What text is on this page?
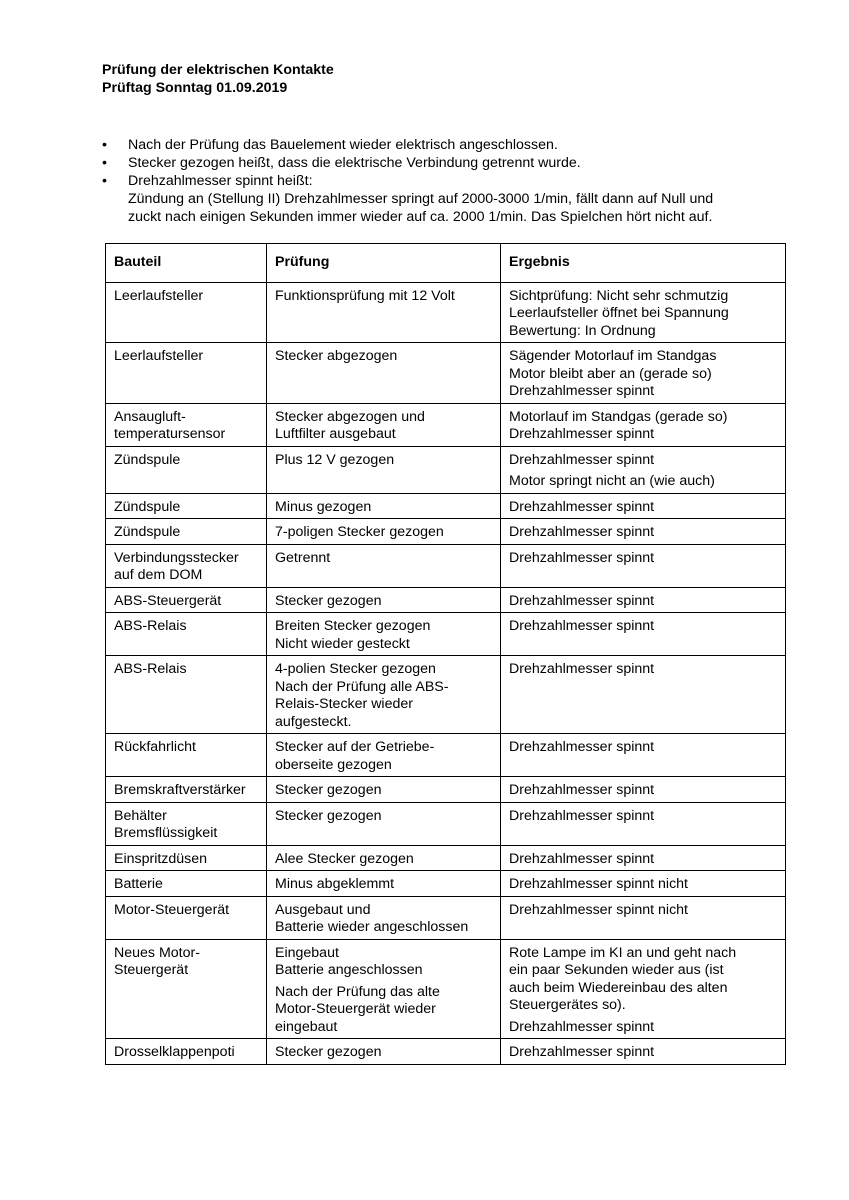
Prüfung der elektrischen Kontakte
Prüftag Sonntag 01.09.2019
•	Nach der Prüfung das Bauelement wieder elektrisch angeschlossen.
•	Stecker gezogen heißt, dass die elektrische Verbindung getrennt wurde.
•	Drehzahlmesser spinnt heißt:
Zündung an (Stellung II) Drehzahlmesser springt auf 2000-3000 1/min, fällt dann auf Null und
zuckt nach einigen Sekunden immer wieder auf ca. 2000 1/min. Das Spielchen hört nicht auf.
Bauteil	Prüfung	Ergebnis

Leerlaufsteller	Funktionsprüfung mit 12 Volt	Sichtprüfung: Nicht sehr schmutzig
Leerlaufsteller öffnet bei Spannung
Bewertung: In Ordnung

Leerlaufsteller	Stecker abgezogen	Sägender Motorlauf im Standgas
Motor bleibt aber an (gerade so)
Drehzahlmesser spinnt

Ansaugluft-
temperatursensor	Stecker abgezogen und
Luftfilter ausgebaut	Motorlauf im Standgas (gerade so)
Drehzahlmesser spinnt

Zündspule	Plus 12 V gezogen	Drehzahlmesser spinnt
Motor springt nicht an (wie auch)

Zündspule	Minus gezogen	Drehzahlmesser spinnt

Zündspule	7-poligen Stecker gezogen	Drehzahlmesser spinnt

Verbindungsstecker
auf dem DOM	Getrennt	Drehzahlmesser spinnt

ABS-Steuergerät	Stecker gezogen	Drehzahlmesser spinnt

ABS-Relais	Breiten Stecker gezogen
Nicht wieder gesteckt	Drehzahlmesser spinnt

ABS-Relais	4-polien Stecker gezogen
Nach der Prüfung alle ABS-
Relais-Stecker wieder
aufgesteckt.	Drehzahlmesser spinnt

Rückfahrlicht	Stecker auf der Getriebe-
oberseite gezogen	Drehzahlmesser spinnt

Bremskraftverstärker	Stecker gezogen	Drehzahlmesser spinnt

Behälter
Bremsflüssigkeit	Stecker gezogen	Drehzahlmesser spinnt

Einspritzdüsen	Alee Stecker gezogen	Drehzahlmesser spinnt

Batterie	Minus abgeklemmt	Drehzahlmesser spinnt nicht

Motor-Steuergerät	Ausgebaut und
Batterie wieder angeschlossen	Drehzahlmesser spinnt nicht

Neues Motor-
Steuergerät	Eingebaut
Batterie angeschlossen
Nach der Prüfung das alte
Motor-Steuergerät wieder
eingebaut	Rote Lampe im KI an und geht nach
ein paar Sekunden wieder aus (ist
auch beim Wiedereinbau des alten
Steuergerätes so).
Drehzahlmesser spinnt

Drosselklappenpoti	Stecker gezogen	Drehzahlmesser spinnt
